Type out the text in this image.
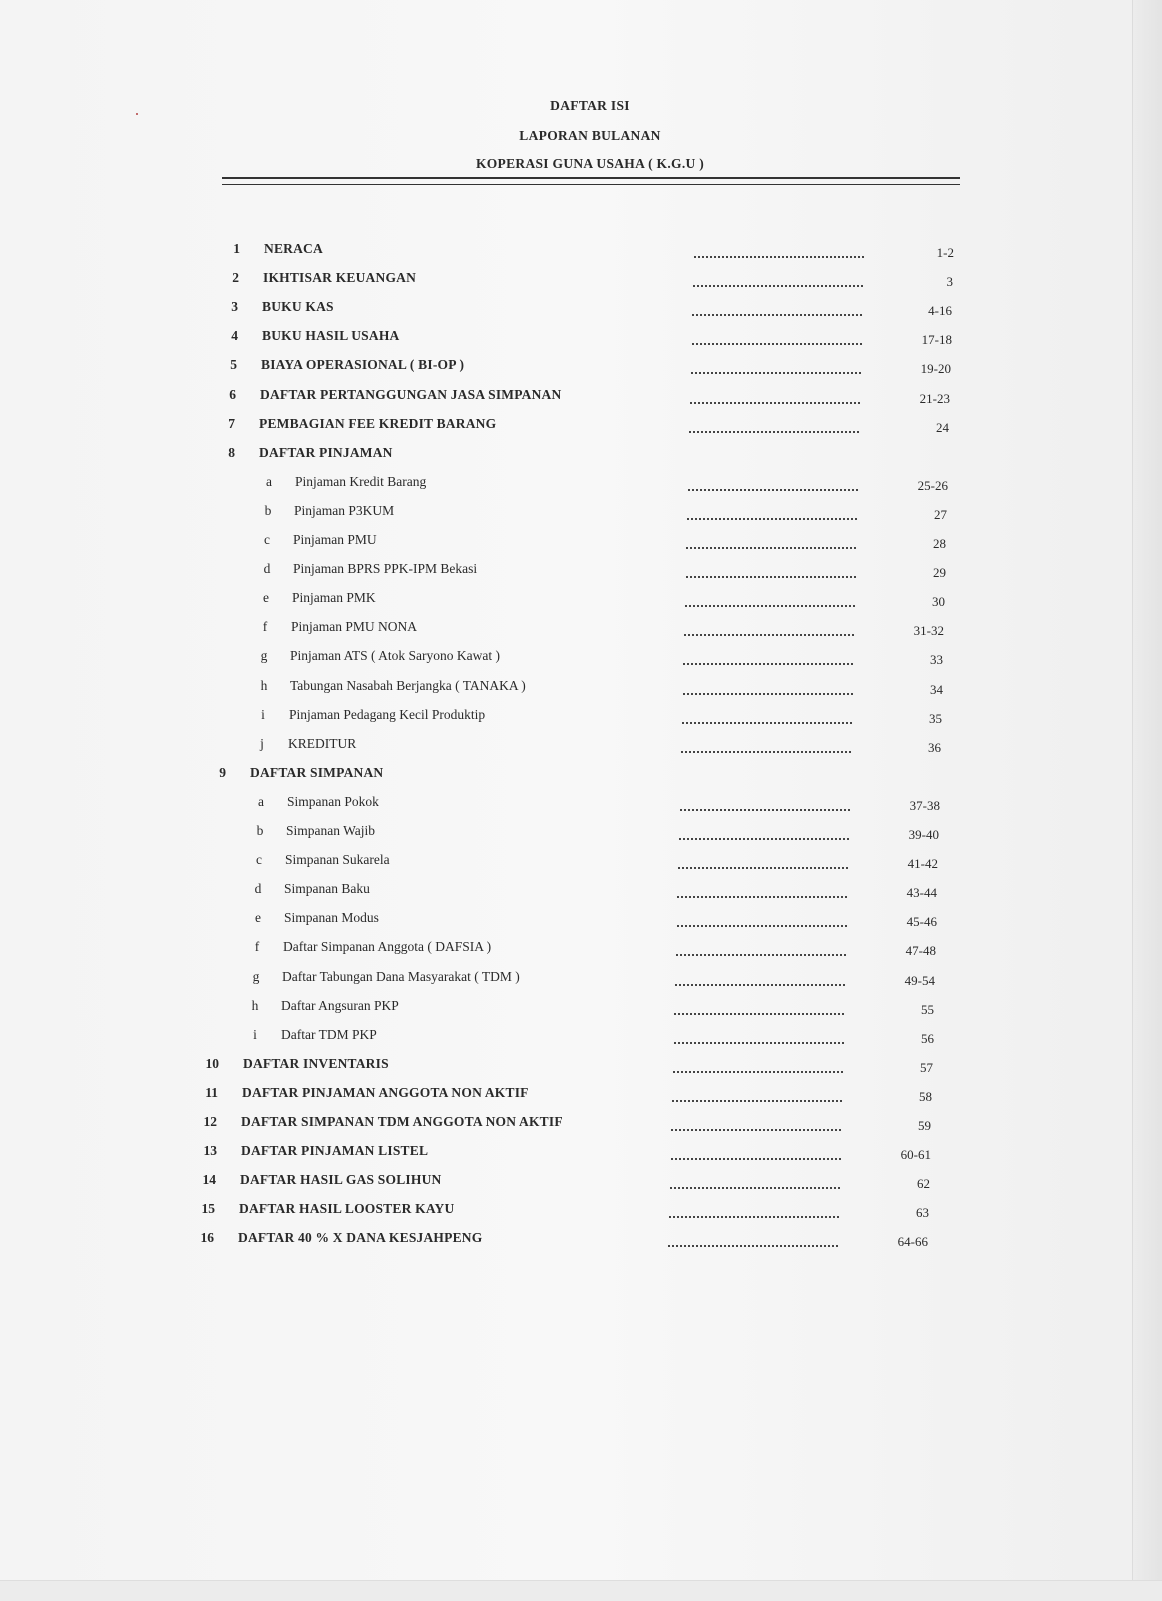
DAFTAR ISI
LAPORAN BULANAN
KOPERASI GUNA USAHA ( K.G.U )
1 NERACA	1-2
2 IKHTISAR KEUANGAN	3
3 BUKU KAS	4-16
4 BUKU HASIL USAHA	17-18
5 BIAYA OPERASIONAL ( BI-OP )	19-20
6 DAFTAR PERTANGGUNGAN JASA SIMPANAN	21-23
7 PEMBAGIAN FEE KREDIT BARANG	24
8 DAFTAR PINJAMAN
a	Pinjaman Kredit Barang	25-26
b	Pinjaman P3KUM	27
c	Pinjaman PMU	28
d	Pinjaman BPRS PPK-IPM Bekasi	29
e	Pinjaman PMK	30
f	Pinjaman PMU NONA	31-32
g	Pinjaman ATS ( Atok Saryono Kawat )	33
h	Tabungan Nasabah Berjangka ( TANAKA )	34
i	Pinjaman Pedagang Kecil Produktip	35
j	KREDITUR	36
9 DAFTAR SIMPANAN
a	Simpanan Pokok	37-38
b	Simpanan Wajib	39-40
c	Simpanan Sukarela	41-42
d	Simpanan Baku	43-44
e	Simpanan Modus	45-46
f	Daftar Simpanan Anggota ( DAFSIA )	47-48
g	Daftar Tabungan Dana Masyarakat ( TDM )	49-54
h	Daftar Angsuran PKP	55
i	Daftar TDM PKP	56
10 DAFTAR INVENTARIS	57
11 DAFTAR PINJAMAN ANGGOTA NON AKTIF	58
12 DAFTAR SIMPANAN TDM ANGGOTA NON AKTIF	59
13 DAFTAR PINJAMAN LISTEL	60-61
14 DAFTAR HASIL GAS SOLIHUN	62
15 DAFTAR HASIL LOOSTER KAYU	63
16 DAFTAR 40 % X DANA KESJAHPENG	64-66
